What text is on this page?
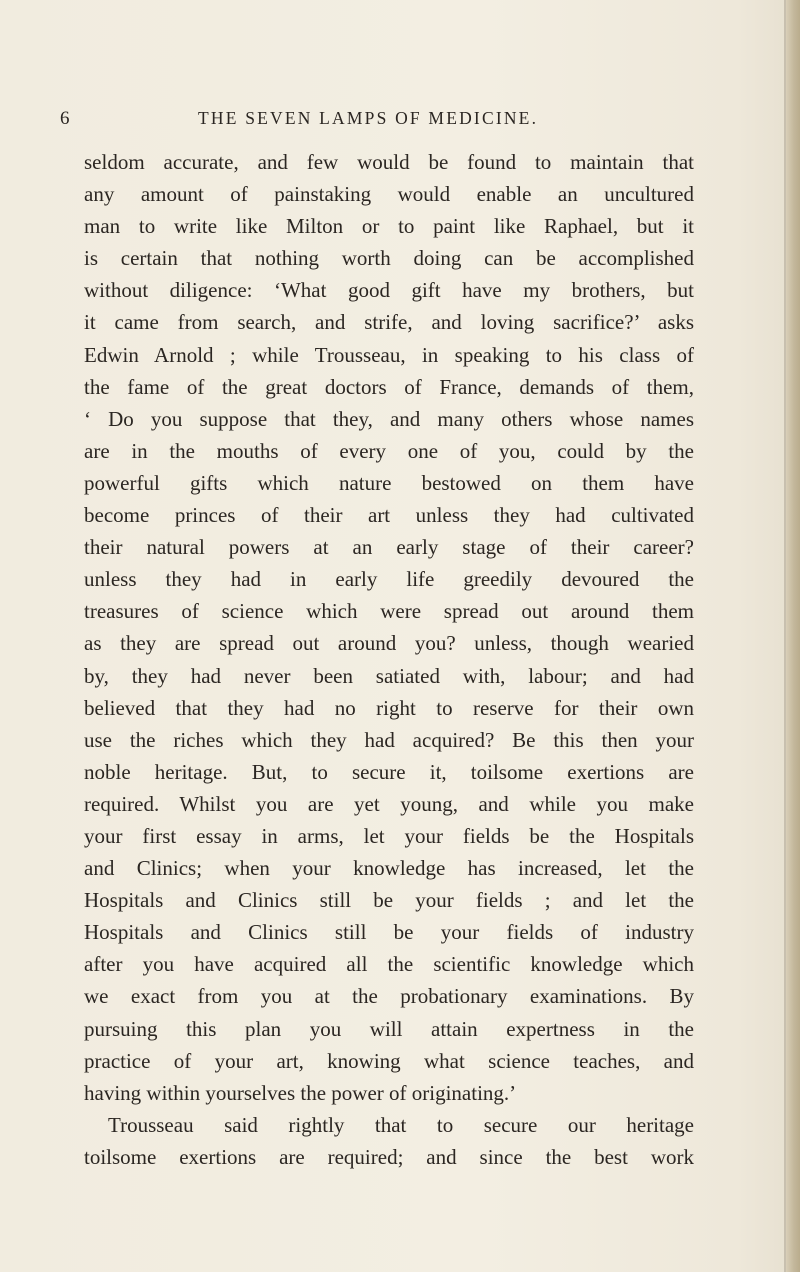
6	THE SEVEN LAMPS OF MEDICINE.
seldom accurate, and few would be found to maintain that
any amount of painstaking would enable an uncultured
man to write like Milton or to paint like Raphael, but it
is certain that nothing worth doing can be accomplished
without diligence: ‘What good gift have my brothers, but
it came from search, and strife, and loving sacrifice?’ asks
Edwin Arnold ; while Trousseau, in speaking to his class of
the fame of the great doctors of France, demands of them,
‘ Do you suppose that they, and many others whose names
are in the mouths of every one of you, could by the
powerful gifts which nature bestowed on them have
become princes of their art unless they had cultivated
their natural powers at an early stage of their career?
unless they had in early life greedily devoured the
treasures of science which were spread out around them
as they are spread out around you? unless, though wearied
by, they had never been satiated with, labour; and had
believed that they had no right to reserve for their own
use the riches which they had acquired? Be this then your
noble heritage. But, to secure it, toilsome exertions are
required. Whilst you are yet young, and while you make
your first essay in arms, let your fields be the Hospitals
and Clinics; when your knowledge has increased, let the
Hospitals and Clinics still be your fields ; and let the
Hospitals and Clinics still be your fields of industry
after you have acquired all the scientific knowledge which
we exact from you at the probationary examinations. By
pursuing this plan you will attain expertness in the
practice of your art, knowing what science teaches, and
having within yourselves the power of originating.’
Trousseau said rightly that to secure our heritage
toilsome exertions are required; and since the best work
